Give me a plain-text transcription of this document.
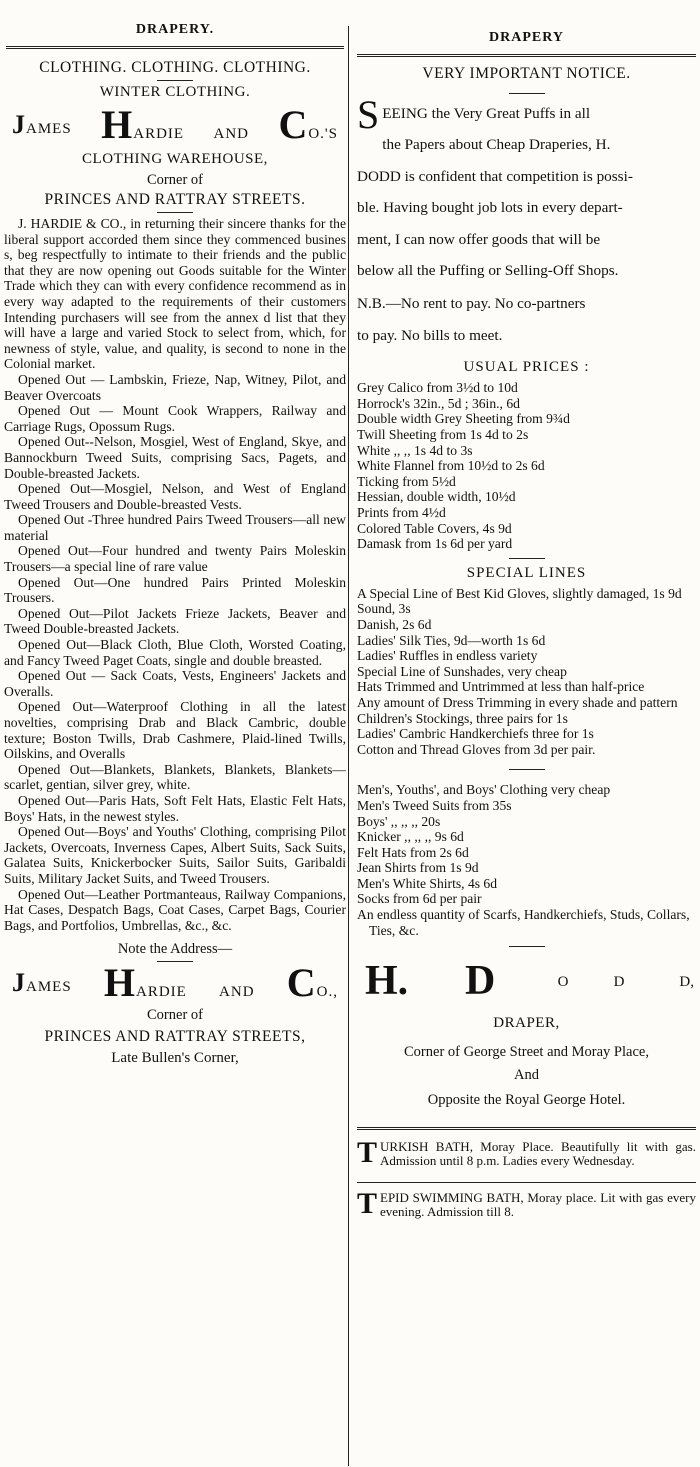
DRAPERY.
CLOTHING. CLOTHING. CLOTHING.
WINTER CLOTHING.
JAMES HARDIE AND CO.'S
CLOTHING WAREHOUSE,
Corner of
PRINCES AND RATTRAY STREETS.

J. HARDIE & CO., in returning their sincere thanks for the liberal support accorded them since they commenced busines s, beg respectfully to intimate to their friends and the public that they are now opening out Goods suitable for the Winter Trade which they can with every confidence recommend as in every way adapted to the requirements of their customers Intending purchasers will see from the annex d list that they will have a large and varied Stock to select from, which, for newness of style, value, and quality, is second to none in the Colonial market.

Opened Out — Lambskin, Frieze, Nap, Witney, Pilot, and Beaver Overcoats

Opened Out — Mount Cook Wrappers, Railway and Carriage Rugs, Opossum Rugs.

Opened Out--Nelson, Mosgiel, West of England, Skye, and Bannockburn Tweed Suits, comprising Sacs, Pagets, and Double-breasted Jackets.

Opened Out—Mosgiel, Nelson, and West of England Tweed Trousers and Double-breasted Vests.

Opened Out -Three hundred Pairs Tweed Trousers—all new material

Opened Out—Four hundred and twenty Pairs Moleskin Trousers—a special line of rare value

Opened Out—One hundred Pairs Printed Moleskin Trousers.

Opened Out—Pilot Jackets Frieze Jackets, Beaver and Tweed Double-breasted Jackets.

Opened Out—Black Cloth, Blue Cloth, Worsted Coating, and Fancy Tweed Paget Coats, single and double breasted.

Opened Out — Sack Coats, Vests, Engineers' Jackets and Overalls.

Opened Out—Waterproof Clothing in all the latest novelties, comprising Drab and Black Cambric, double texture; Boston Twills, Drab Cashmere, Plaid-lined Twills, Oilskins, and Overalls

Opened Out—Blankets, Blankets, Blankets, Blankets—scarlet, gentian, silver grey, white.

Opened Out—Paris Hats, Soft Felt Hats, Elastic Felt Hats, Boys' Hats, in the newest styles.

Opened Out—Boys' and Youths' Clothing, comprising Pilot Jackets, Overcoats, Inverness Capes, Albert Suits, Sack Suits, Galatea Suits, Knickerbocker Suits, Sailor Suits, Garibaldi Suits, Military Jacket Suits, and Tweed Trousers.

Opened Out—Leather Portmanteaus, Railway Companions, Hat Cases, Despatch Bags, Coat Cases, Carpet Bags, Courier Bags, and Portfolios, Umbrellas, &c., &c.

Note the Address—
JAMES HARDIE AND CO.,
Corner of
PRINCES AND RATTRAY STREETS,
Late Bullen's Corner,
DRAPERY
VERY IMPORTANT NOTICE.
S EEING the Very Great Puffs in all
the Papers about Cheap Draperies, H.
DODD is confident that competition is possi-
ble. Having bought job lots in every depart-
ment, I can now offer goods that will be
below all the Puffing or Selling-Off Shops.
N.B.—No rent to pay. No co-partners
to pay. No bills to meet.
USUAL PRICES :
Grey Calico from 3½d to 10d
Horrock's 32in., 5d ; 36in., 6d
Double width Grey Sheeting from 9¾d
Twill Sheeting from 1s 4d to 2s
White ,, ,, 1s 4d to 3s
White Flannel from 10½d to 2s 6d
Ticking from 5½d
Hessian, double width, 10½d
Prints from 4½d
Colored Table Covers, 4s 9d
Damask from 1s 6d per yard
SPECIAL LINES
A Special Line of Best Kid Gloves, slightly damaged, 1s 9d
Sound, 3s
Danish, 2s 6d
Ladies' Silk Ties, 9d—worth 1s 6d
Ladies' Ruffles in endless variety
Special Line of Sunshades, very cheap
Hats Trimmed and Untrimmed at less than half-price
Any amount of Dress Trimming in every shade and pattern
Children's Stockings, three pairs for 1s
Ladies' Cambric Handkerchiefs three for 1s
Cotton and Thread Gloves from 3d per pair.
Men's, Youths', and Boys' Clothing very cheap
Men's Tweed Suits from 35s
Boys' ,, ,, ,, 20s
Knicker ,, ,, ,, 9s 6d
Felt Hats from 2s 6d
Jean Shirts from 1s 9d
Men's White Shirts, 4s 6d
Socks from 6d per pair
An endless quantity of Scarfs, Handkerchiefs, Studs, Collars, Ties, &c.
H.	D	O	D	D,
DRAPER,
Corner of George Street and Moray Place,
And
Opposite the Royal George Hotel.
T URKISH BATH, Moray Place. Beautifully lit with gas. Admission until 8 p.m. Ladies every Wednesday.
T EPID SWIMMING BATH, Moray place. Lit with gas every evening. Admission till 8.
